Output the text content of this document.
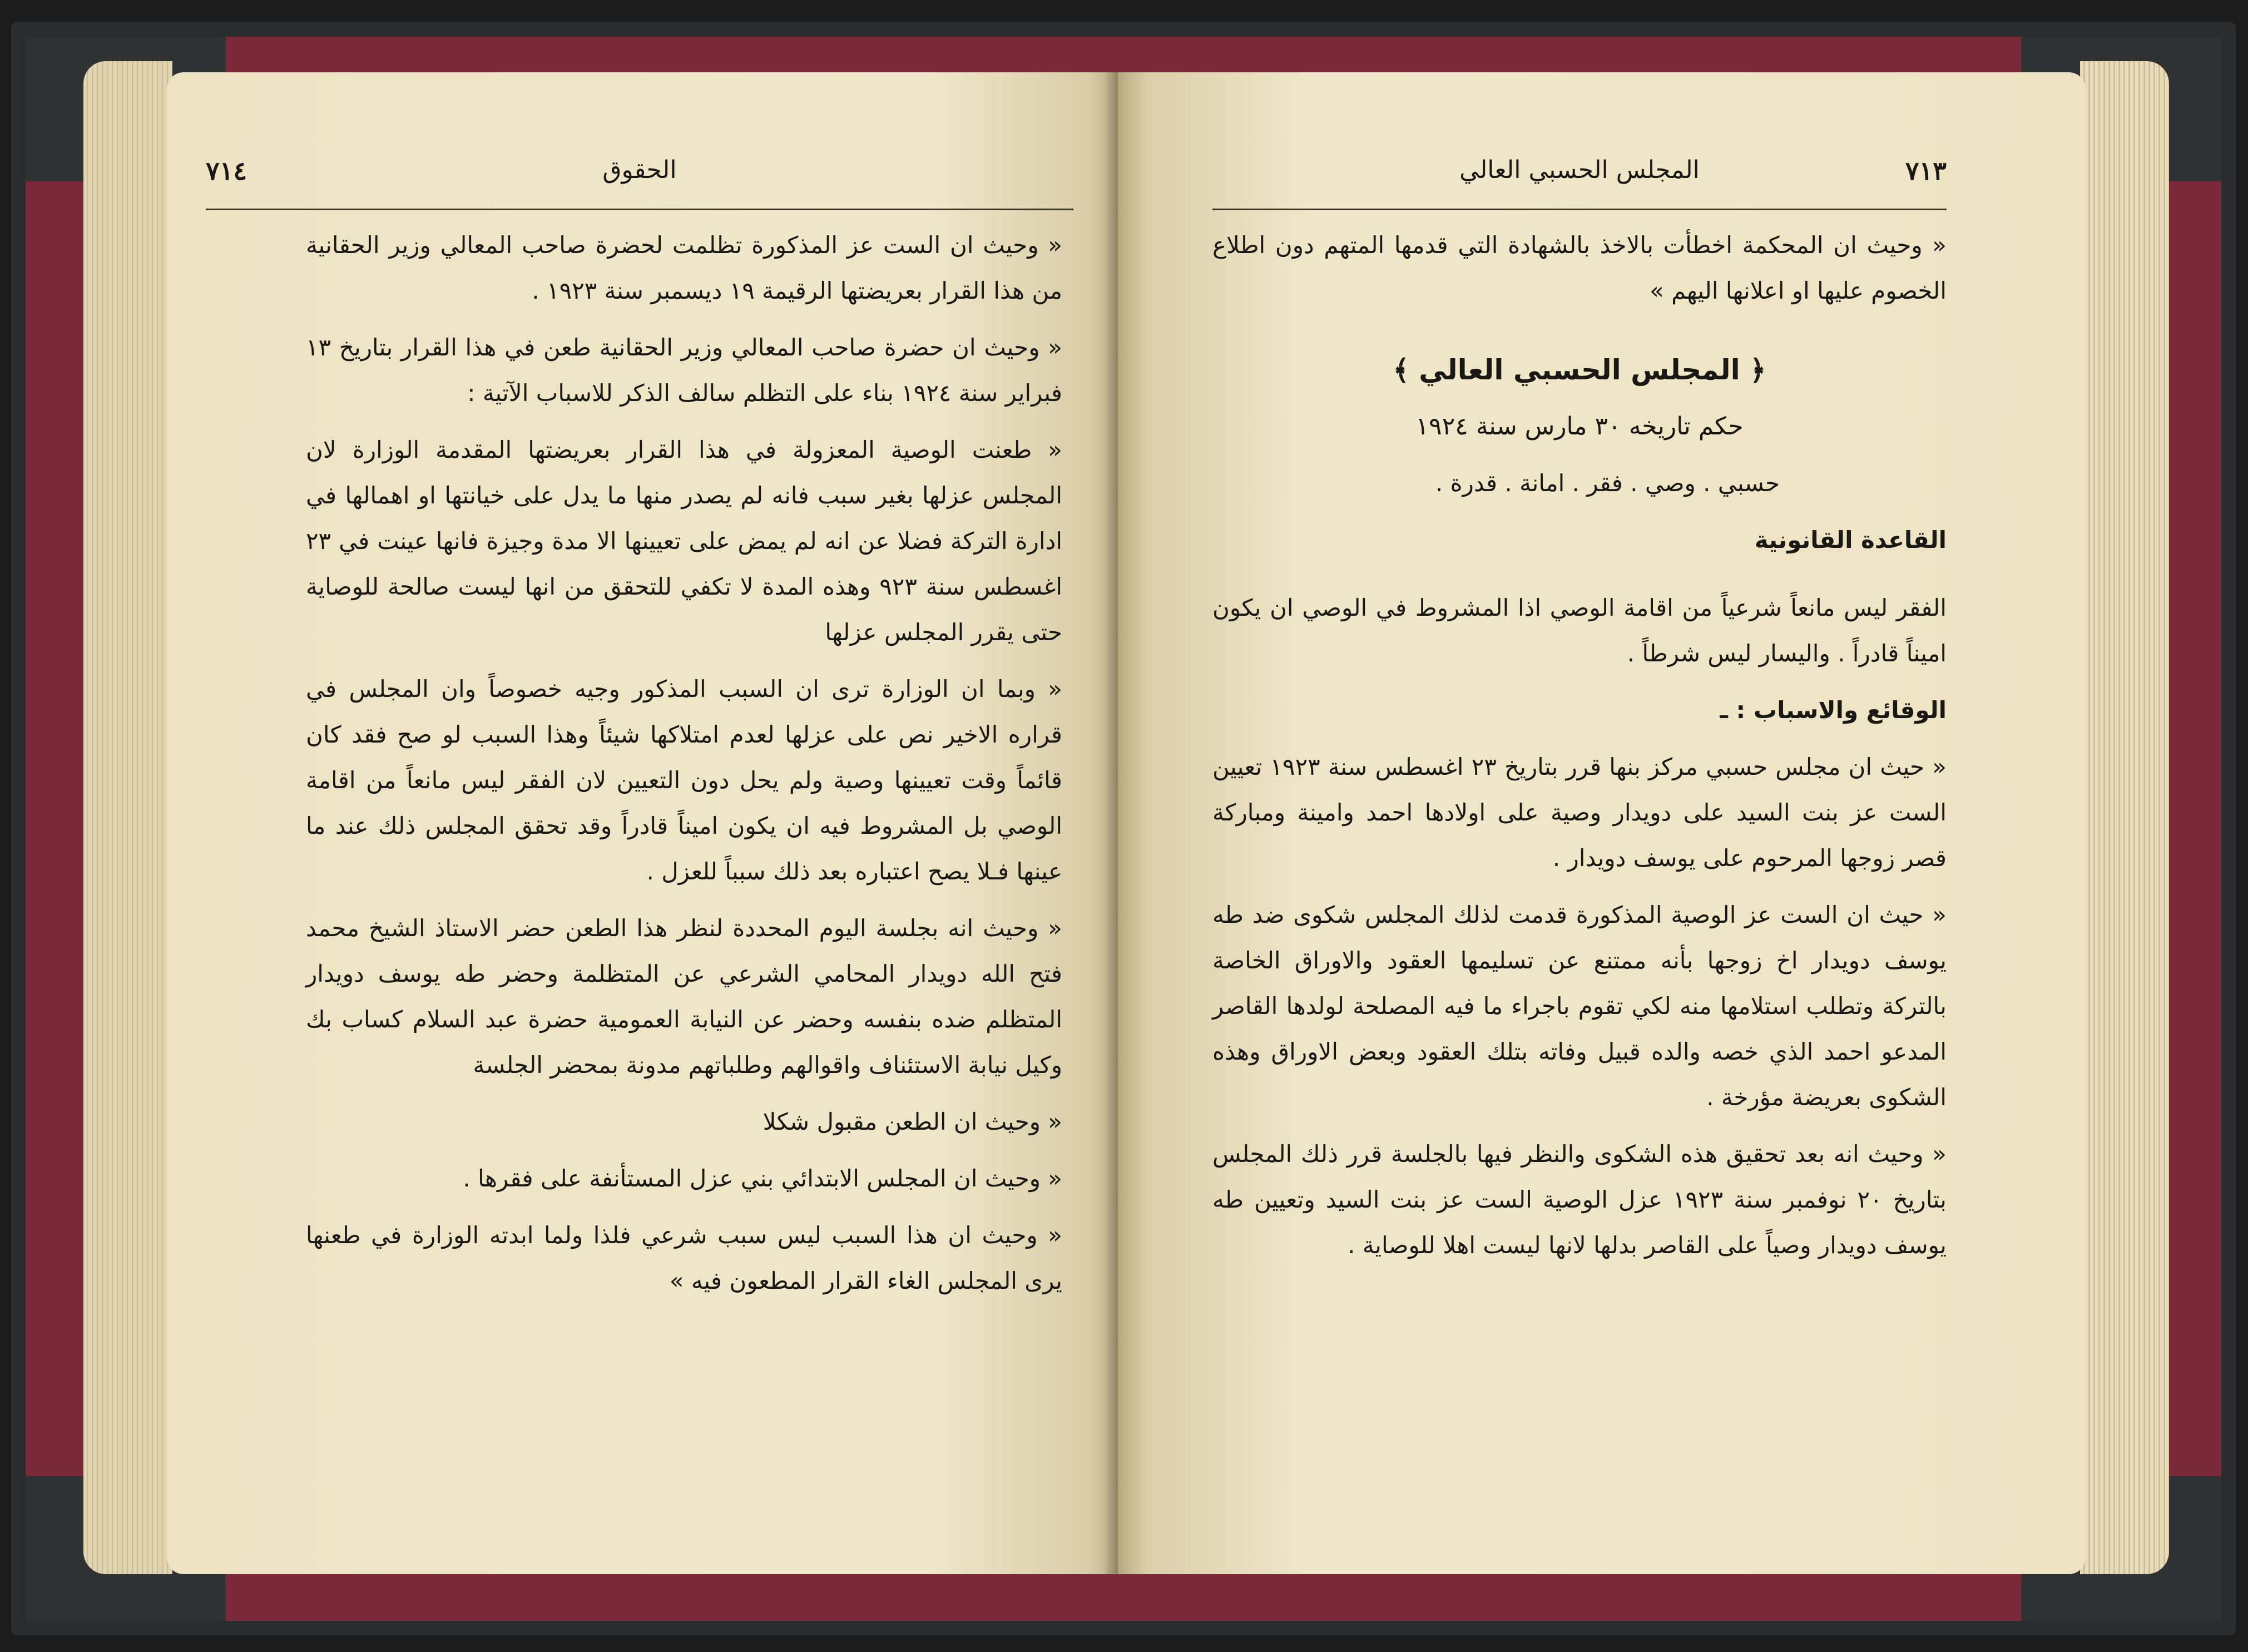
٧١٤	الحقوق

« وحيث ان الست عز المذكورة تظلمت لحضرة صاحب المعالي وزير الحقانية من هذا القرار بعريضتها الرقيمة ١٩ ديسمبر سنة ١٩٢٣ .

« وحيث ان حضرة صاحب المعالي وزير الحقانية طعن في هذا القرار بتاريخ ١٣ فبراير سنة ١٩٢٤ بناء على التظلم سالف الذكر للاسباب الآتية :

« طعنت الوصية المعزولة في هذا القرار بعريضتها المقدمة الوزارة لان المجلس عزلها بغير سبب فانه لم يصدر منها ما يدل على خيانتها او اهمالها في ادارة التركة فضلا عن انه لم يمض على تعيينها الا مدة وجيزة فانها عينت في ٢٣ اغسطس سنة ٩٢٣ وهذه المدة لا تكفي للتحقق من انها ليست صالحة للوصاية حتى يقرر المجلس عزلها

« وبما ان الوزارة ترى ان السبب المذكور وجيه خصوصاً وان المجلس في قراره الاخير نص على عزلها لعدم امتلاكها شيئاً وهذا السبب لو صح فقد كان قائماً وقت تعيينها وصية ولم يحل دون التعيين لان الفقر ليس مانعاً من اقامة الوصي بل المشروط فيه ان يكون اميناً قادراً وقد تحقق المجلس ذلك عند ما عينها فـلا يصح اعتباره بعد ذلك سبباً للعزل .

« وحيث انه بجلسة اليوم المحددة لنظر هذا الطعن حضر الاستاذ الشيخ محمد فتح الله دويدار المحامي الشرعي عن المتظلمة وحضر طه يوسف دويدار المتظلم ضده بنفسه وحضر عن النيابة العمومية حضرة عبد السلام كساب بك وكيل نيابة الاستئناف واقوالهم وطلباتهم مدونة بمحضر الجلسة

« وحيث ان الطعن مقبول شكلا

« وحيث ان المجلس الابتدائي بني عزل المستأنفة على فقرها .

« وحيث ان هذا السبب ليس سبب شرعي فلذا ولما ابدته الوزارة في طعنها يرى المجلس الغاء القرار المطعون فيه »

المجلس الحسبي العالي	٧١٣

« وحيث ان المحكمة اخطأت بالاخذ بالشهادة التي قدمها المتهم دون اطلاع الخصوم عليها او اعلانها اليهم »

﴿ المجلس الحسبي العالي ﴾

حكم تاريخه ٣٠ مارس سنة ١٩٢٤

حسبي . وصي . فقر . امانة . قدرة .

القاعدة القانونية

الفقر ليس مانعاً شرعياً من اقامة الوصي اذا المشروط في الوصي ان يكون اميناً قادراً . واليسار ليس شرطاً .

الوقائع والاسباب : ـ

« حيث ان مجلس حسبي مركز بنها قرر بتاريخ ٢٣ اغسطس سنة ١٩٢٣ تعيين الست عز بنت السيد على دويدار وصية على اولادها احمد وامينة ومباركة قصر زوجها المرحوم على يوسف دويدار .

« حيث ان الست عز الوصية المذكورة قدمت لذلك المجلس شكوى ضد طه يوسف دويدار اخ زوجها بأنه ممتنع عن تسليمها العقود والاوراق الخاصة بالتركة وتطلب استلامها منه لكي تقوم باجراء ما فيه المصلحة لولدها القاصر المدعو احمد الذي خصه والده قبيل وفاته بتلك العقود وبعض الاوراق وهذه الشكوى بعريضة مؤرخة .

« وحيث انه بعد تحقيق هذه الشكوى والنظر فيها بالجلسة قرر ذلك المجلس بتاريخ ٢٠ نوفمبر سنة ١٩٢٣ عزل الوصية الست عز بنت السيد وتعيين طه يوسف دويدار وصياً على القاصر بدلها لانها ليست اهلا للوصاية .
